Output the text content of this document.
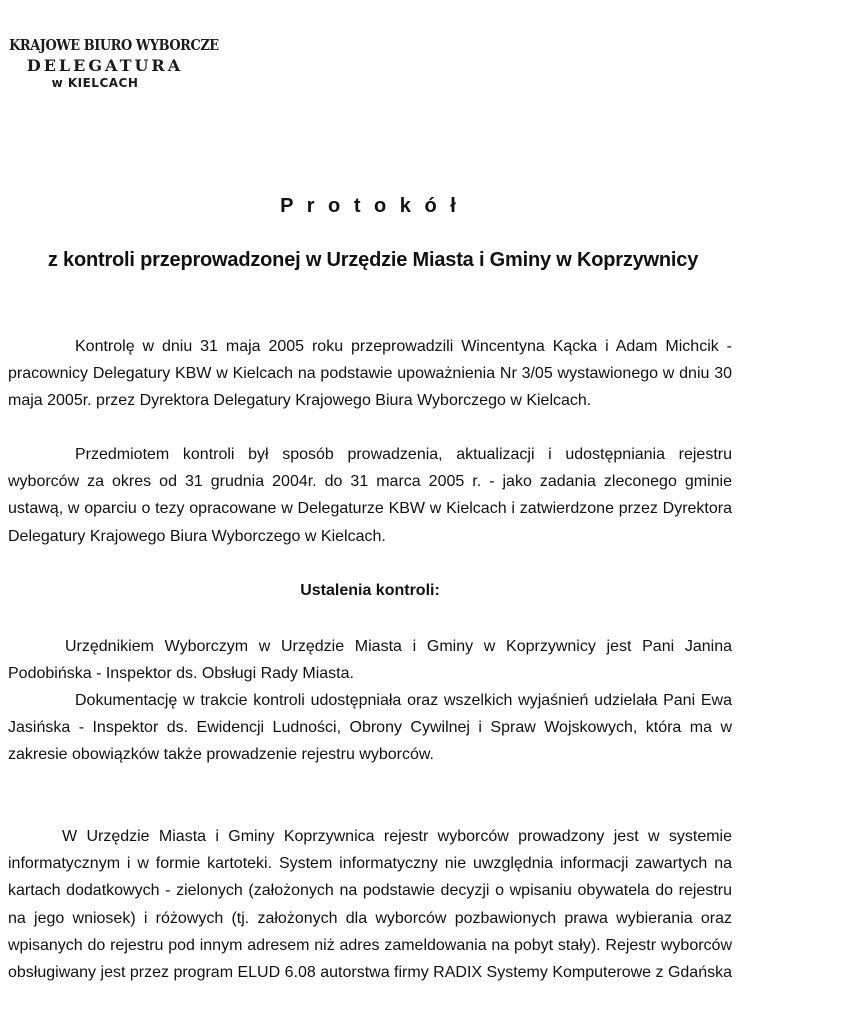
KRAJOWE BIURO WYBORCZE
DELEGATURA
w KIELCACH
P r o t o k ó ł
z kontroli przeprowadzonej w Urzędzie Miasta i Gminy w Koprzywnicy

Kontrolę w dniu 31 maja 2005 roku przeprowadzili Wincentyna Kącka i Adam Michcik - pracownicy Delegatury KBW w Kielcach na podstawie upoważnienia Nr 3/05 wystawionego w dniu 30 maja 2005r. przez Dyrektora Delegatury Krajowego Biura Wyborczego w Kielcach.

Przedmiotem kontroli był sposób prowadzenia, aktualizacji i udostępniania rejestru wyborców za okres od 31 grudnia 2004r. do 31 marca 2005 r. - jako zadania zleconego gminie ustawą, w oparciu o tezy opracowane w Delegaturze KBW w Kielcach i zatwierdzone przez Dyrektora Delegatury Krajowego Biura Wyborczego w Kielcach.

Ustalenia kontroli:

Urzędnikiem Wyborczym w Urzędzie Miasta i Gminy w Koprzywnicy jest Pani Janina Podobińska - Inspektor ds. Obsługi Rady Miasta.

Dokumentację w trakcie kontroli udostępniała oraz wszelkich wyjaśnień udzielała Pani Ewa Jasińska - Inspektor ds. Ewidencji Ludności, Obrony Cywilnej i Spraw Wojskowych, która ma w zakresie obowiązków także prowadzenie rejestru wyborców.

W Urzędzie Miasta i Gminy Koprzywnica rejestr wyborców prowadzony jest w systemie informatycznym i w formie kartoteki. System informatyczny nie uwzględnia informacji zawartych na kartach dodatkowych - zielonych (założonych na podstawie decyzji o wpisaniu obywatela do rejestru na jego wniosek) i różowych (tj. założonych dla wyborców pozbawionych prawa wybierania oraz wpisanych do rejestru pod innym adresem niż adres zameldowania na pobyt stały). Rejestr wyborców obsługiwany jest przez program ELUD 6.08 autorstwa firmy RADIX Systemy Komputerowe z Gdańska
